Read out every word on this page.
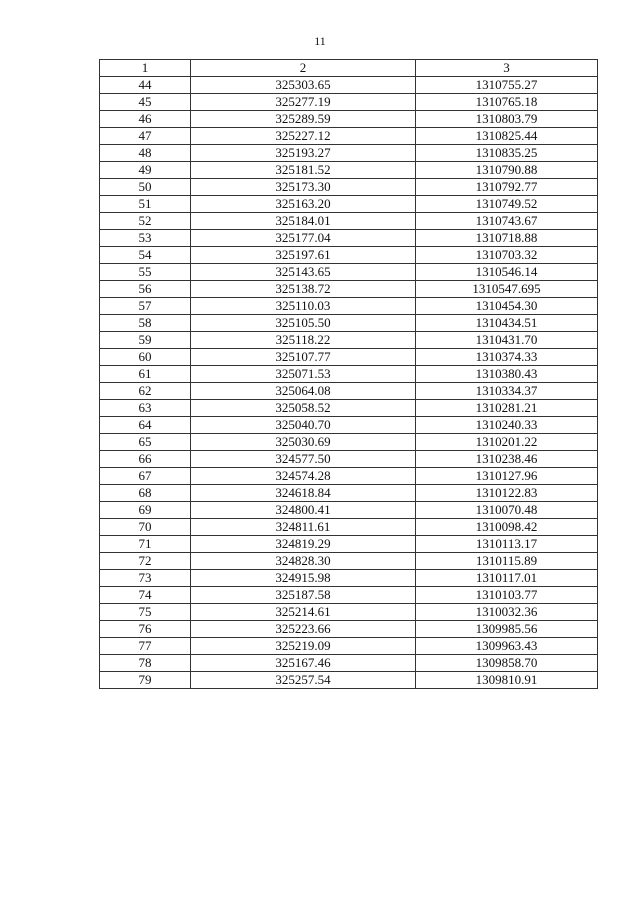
11
1	2	3
44	325303.65	1310755.27
45	325277.19	1310765.18
46	325289.59	1310803.79
47	325227.12	1310825.44
48	325193.27	1310835.25
49	325181.52	1310790.88
50	325173.30	1310792.77
51	325163.20	1310749.52
52	325184.01	1310743.67
53	325177.04	1310718.88
54	325197.61	1310703.32
55	325143.65	1310546.14
56	325138.72	1310547.695
57	325110.03	1310454.30
58	325105.50	1310434.51
59	325118.22	1310431.70
60	325107.77	1310374.33
61	325071.53	1310380.43
62	325064.08	1310334.37
63	325058.52	1310281.21
64	325040.70	1310240.33
65	325030.69	1310201.22
66	324577.50	1310238.46
67	324574.28	1310127.96
68	324618.84	1310122.83
69	324800.41	1310070.48
70	324811.61	1310098.42
71	324819.29	1310113.17
72	324828.30	1310115.89
73	324915.98	1310117.01
74	325187.58	1310103.77
75	325214.61	1310032.36
76	325223.66	1309985.56
77	325219.09	1309963.43
78	325167.46	1309858.70
79	325257.54	1309810.91
